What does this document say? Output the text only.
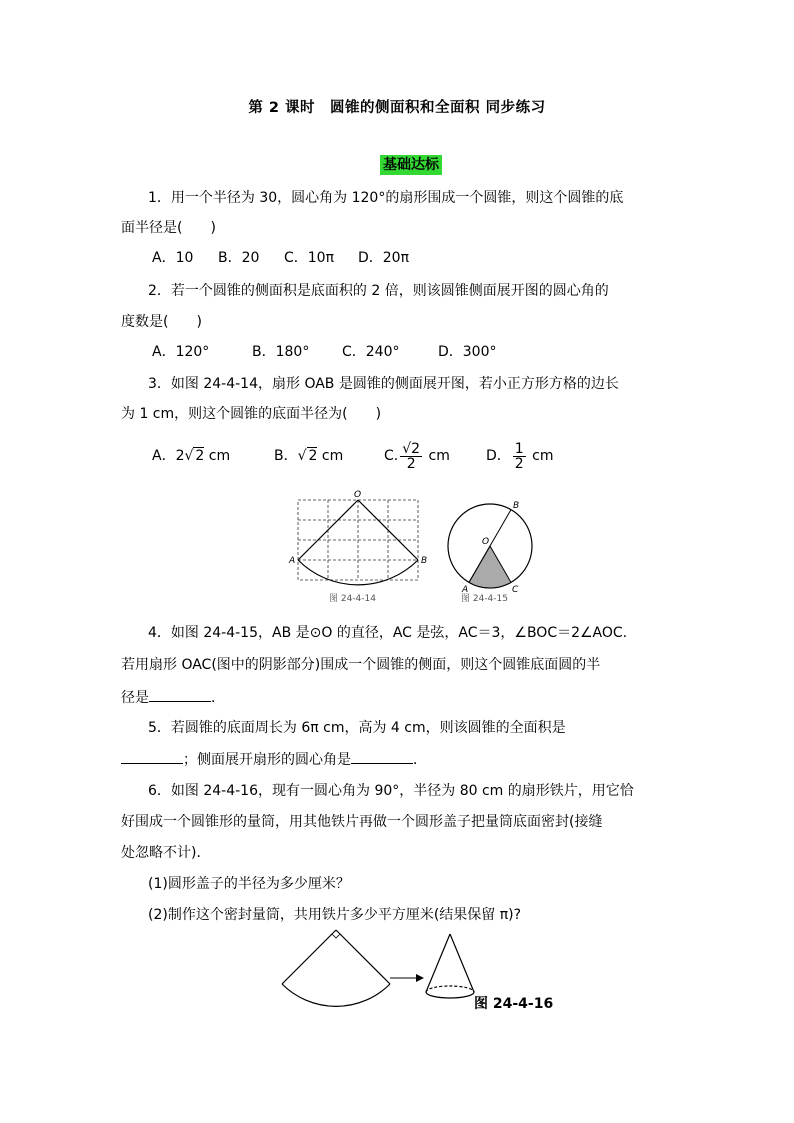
第 2 课时　圆锥的侧面积和全面积 同步练习
基础达标
1．用一个半径为 30，圆心角为 120°的扇形围成一个圆锥，则这个圆锥的底
面半径是(　　)
A．10	B．20	C．10π	D．20π
2．若一个圆锥的侧面积是底面积的 2 倍，则该圆锥侧面展开图的圆心角的
度数是(　　)
A．120°	B．180°	C．240°	D．300°
3．如图 24-4-14，扇形 OAB 是圆锥的侧面展开图，若小正方形方格的边长
为 1 cm，则这个圆锥的底面半径为(　　)
A．2√ 2 cm	B．√ 2 cm	C. $\frac{√2}{2}$ cm	D． $\frac{1}{2}$ cm
O
A	B
图 24-4-14
O
A
B
C
图 24-4-15
4．如图 24-4-15，AB 是⊙O 的直径，AC 是弦，AC＝3，∠BOC＝2∠AOC.
若用扇形 OAC(图中的阴影部分)围成一个圆锥的侧面，则这个圆锥底面圆的半
径是	．
5．若圆锥的底面周长为 6π cm，高为 4 cm，则该圆锥的全面积是
；侧面展开扇形的圆心角是	．
6．如图 24-4-16，现有一圆心角为 90°，半径为 80 cm 的扇形铁片，用它恰
好围成一个圆锥形的量筒，用其他铁片再做一个圆形盖子把量筒底面密封(接缝
处忽略不计)．
(1)圆形盖子的半径为多少厘米？
(2)制作这个密封量筒，共用铁片多少平方厘米(结果保留 π)?
图 24-4-16
